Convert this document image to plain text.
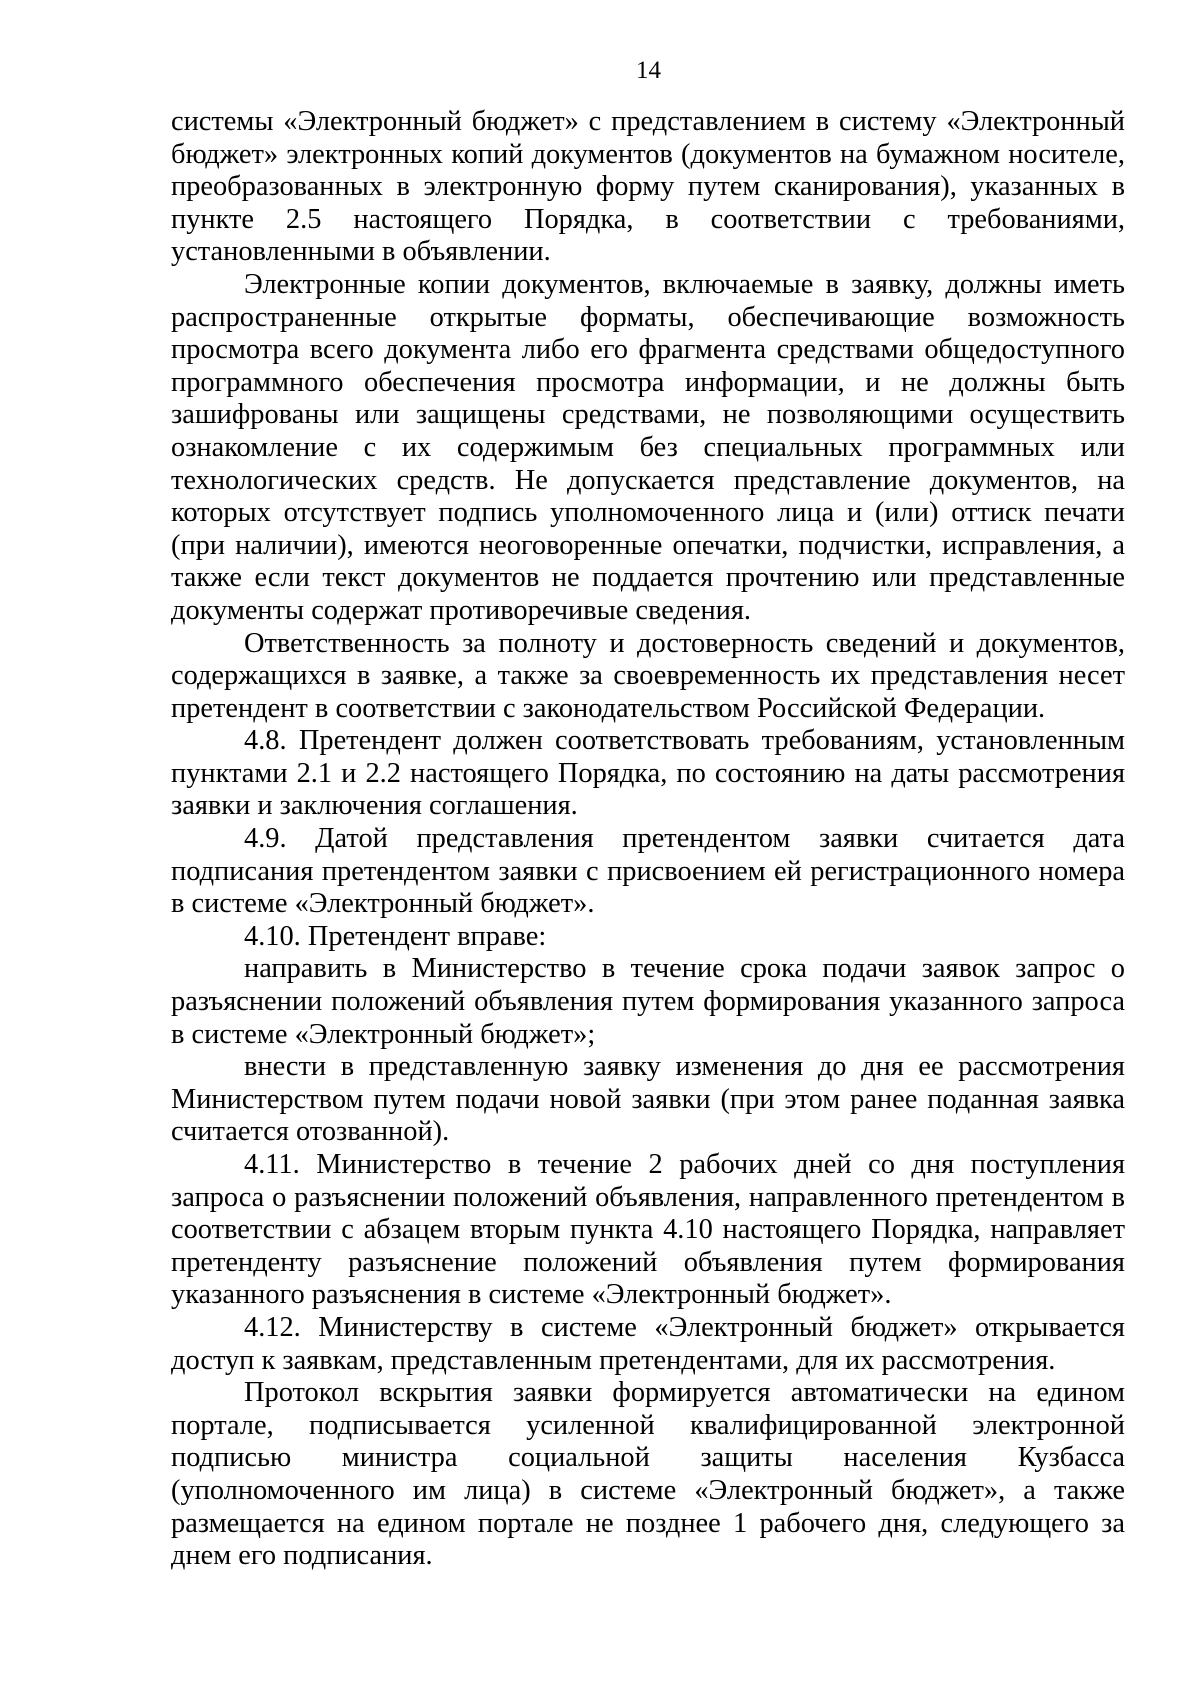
14

системы «Электронный бюджет» с представлением в систему «Электронный бюджет» электронных копий документов (документов на бумажном носителе, преобразованных в электронную форму путем сканирования), указанных в пункте 2.5 настоящего Порядка, в соответствии с требованиями, установленными в объявлении.

Электронные копии документов, включаемые в заявку, должны иметь распространенные открытые форматы, обеспечивающие возможность просмотра всего документа либо его фрагмента средствами общедоступного программного обеспечения просмотра информации, и не должны быть зашифрованы или защищены средствами, не позволяющими осуществить ознакомление с их содержимым без специальных программных или технологических средств. Не допускается представление документов, на которых отсутствует подпись уполномоченного лица и (или) оттиск печати (при наличии), имеются неоговоренные опечатки, подчистки, исправления, а также если текст документов не поддается прочтению или представленные документы содержат противоречивые сведения.

Ответственность за полноту и достоверность сведений и документов, содержащихся в заявке, а также за своевременность их представления несет претендент в соответствии с законодательством Российской Федерации.

4.8. Претендент должен соответствовать требованиям, установленным пунктами 2.1 и 2.2 настоящего Порядка, по состоянию на даты рассмотрения заявки и заключения соглашения.

4.9. Датой представления претендентом заявки считается дата подписания претендентом заявки с присвоением ей регистрационного номера в системе «Электронный бюджет».

4.10. Претендент вправе:

направить в Министерство в течение срока подачи заявок запрос о разъяснении положений объявления путем формирования указанного запроса в системе «Электронный бюджет»;

внести в представленную заявку изменения до дня ее рассмотрения Министерством путем подачи новой заявки (при этом ранее поданная заявка считается отозванной).

4.11. Министерство в течение 2 рабочих дней со дня поступления запроса о разъяснении положений объявления, направленного претендентом в соответствии с абзацем вторым пункта 4.10 настоящего Порядка, направляет претенденту разъяснение положений объявления путем формирования указанного разъяснения в системе «Электронный бюджет».

4.12. Министерству в системе «Электронный бюджет» открывается доступ к заявкам, представленным претендентами, для их рассмотрения.

Протокол вскрытия заявки формируется автоматически на едином портале, подписывается усиленной квалифицированной электронной подписью министра социальной защиты населения Кузбасса (уполномоченного им лица) в системе «Электронный бюджет», а также размещается на едином портале не позднее 1 рабочего дня, следующего за днем его подписания.
